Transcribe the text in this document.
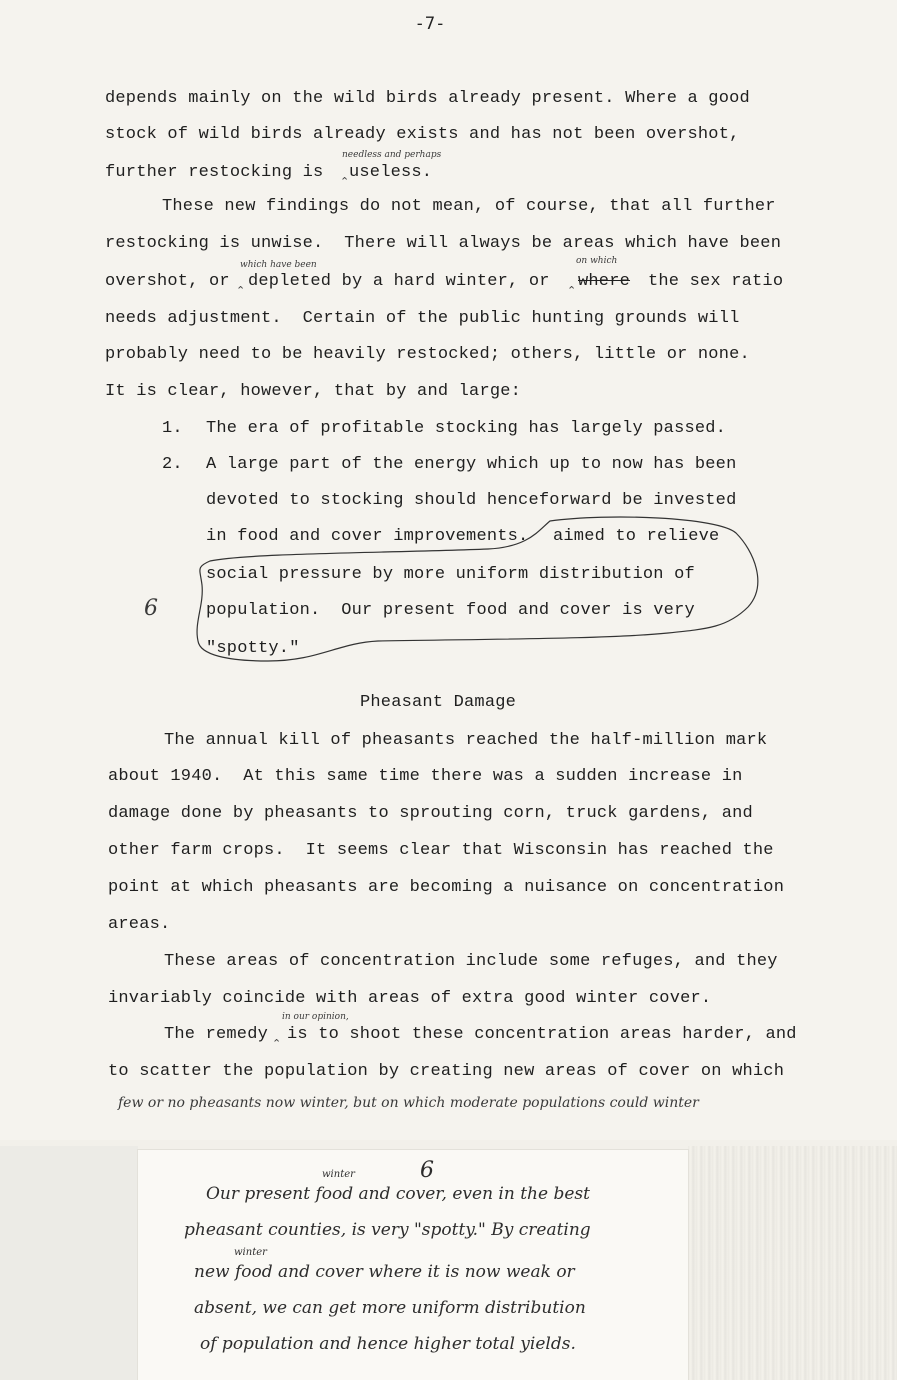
-7-
depends mainly on the wild birds already present. Where a good
stock of wild birds already exists and has not been overshot,
needless and perhaps
further restocking is ⌃ useless.
These new findings do not mean, of course, that all further
restocking is unwise.  There will always be areas which have been
which have been	on which
overshot, or ⌃ depleted by a hard winter, or ⌃ where the sex ratio
needs adjustment.  Certain of the public hunting grounds will
probably need to be heavily restocked; others, little or none.
It is clear, however, that by and large:
1. The era of profitable stocking has largely passed.
2. A large part of the energy which up to now has been
devoted to stocking should henceforward be invested
in food and cover improvements. aimed to relieve
social pressure by more uniform distribution of
population.  Our present food and cover is very
"spotty."
6
Pheasant Damage
The annual kill of pheasants reached the half-million mark
about 1940.  At this same time there was a sudden increase in
damage done by pheasants to sprouting corn, truck gardens, and
other farm crops.  It seems clear that Wisconsin has reached the
point at which pheasants are becoming a nuisance on concentration
areas.
These areas of concentration include some refuges, and they
invariably coincide with areas of extra good winter cover.
in our opinion,
The remedy ⌃ is to shoot these concentration areas harder, and
to scatter the population by creating new areas of cover on which
few or no pheasants now winter, but on which moderate populations could winter
6
winter
Our present food and cover, even in the best
pheasant counties, is very "spotty." By creating
winter
new food and cover where it is now weak or
absent, we can get more uniform distribution
of population and hence higher total yields.
